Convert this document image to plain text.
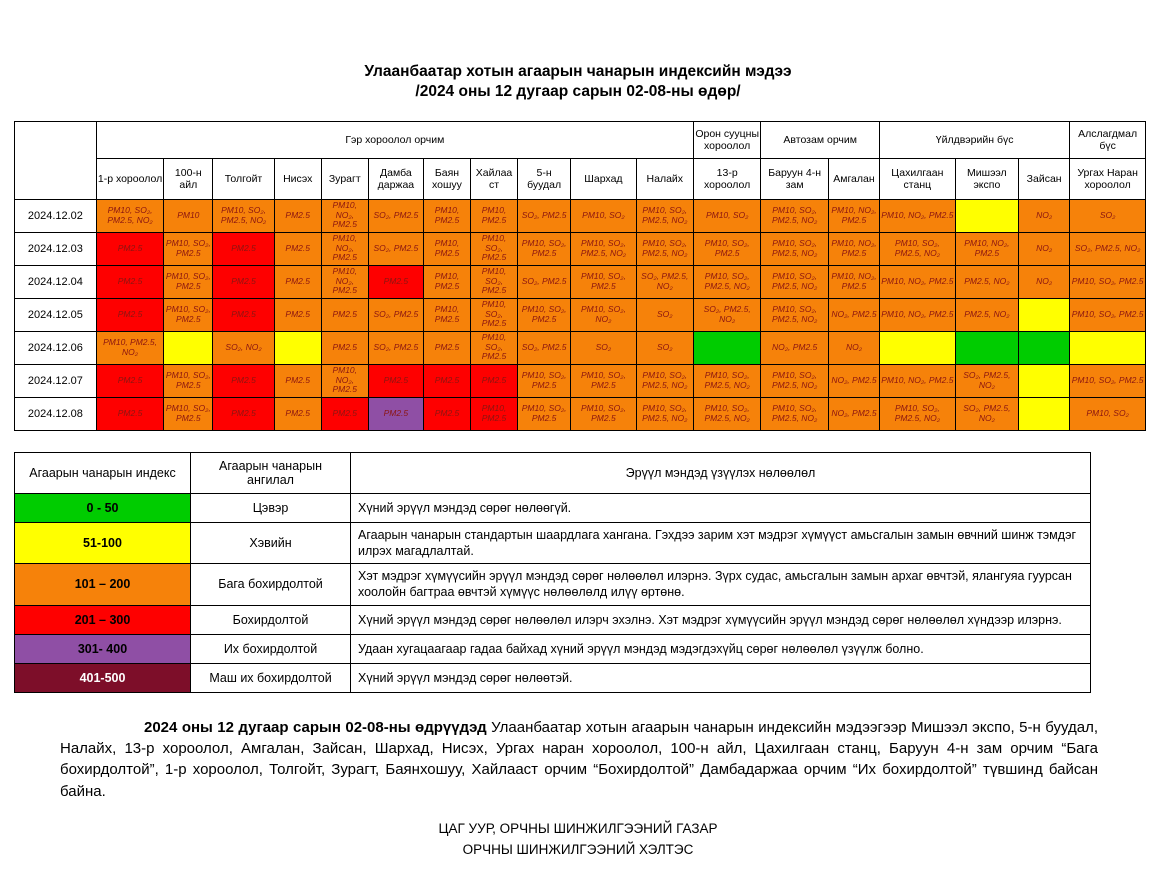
Улаанбаатар хотын агаарын чанарын индексийн мэдээ
/2024 оны 12 дугаар сарын 02-08-ны өдөр/
	Гэр хороолол орчим											Орон сууцны хороолол	Автозам орчим		Үйлдвэрийн бүс			Алслагдмал бүс
	1-р хороолол	100-н айл	Толгойт	Нисэх	Зурагт	Дамба даржаа	Баян хошуу	Хайлаа ст	5-н буудал	Шархад	Налайх	13-р хороолол	Баруун 4-н зам	Амгалан	Цахилгаан станц	Мишээл экспо	Зайсан	Ургах Наран хороолол
2024.12.02	PM10, SO₂, PM2.5, NO₂	PM10	PM10, SO₂, PM2.5, NO₂	PM2.5	PM10, NO₂, PM2.5	SO₂, PM2.5	PM10, PM2.5	PM10, PM2.5	SO₂, PM2.5	PM10, SO₂	PM10, SO₂, PM2.5, NO₂	PM10, SO₂	PM10, SO₂, PM2.5, NO₂	PM10, NO₂, PM2.5	PM10, NO₂, PM2.5		NO₂	SO₂
2024.12.03	PM2.5	PM10, SO₂, PM2.5	PM2.5	PM2.5	PM10, NO₂, PM2.5	SO₂, PM2.5	PM10, PM2.5	PM10, SO₂, PM2.5	PM10, SO₂, PM2.5	PM10, SO₂, PM2.5, NO₂	PM10, SO₂, PM2.5, NO₂	PM10, SO₂, PM2.5	PM10, SO₂, PM2.5, NO₂	PM10, NO₂, PM2.5	PM10, SO₂, PM2.5, NO₂	PM10, NO₂, PM2.5	NO₂	SO₂, PM2.5, NO₂
2024.12.04	PM2.5	PM10, SO₂, PM2.5	PM2.5	PM2.5	PM10, NO₂, PM2.5	PM2.5	PM10, PM2.5	PM10, SO₂, PM2.5	SO₂, PM2.5	PM10, SO₂, PM2.5	SO₂, PM2.5, NO₂	PM10, SO₂, PM2.5, NO₂	PM10, SO₂, PM2.5, NO₂	PM10, NO₂, PM2.5	PM10, NO₂, PM2.5	PM2.5, NO₂	NO₂	PM10, SO₂, PM2.5
2024.12.05	PM2.5	PM10, SO₂, PM2.5	PM2.5	PM2.5	PM2.5	SO₂, PM2.5	PM10, PM2.5	PM10, SO₂, PM2.5	PM10, SO₂, PM2.5	PM10, SO₂, NO₂	SO₂	SO₂, PM2.5, NO₂	PM10, SO₂, PM2.5, NO₂	NO₂, PM2.5	PM10, NO₂, PM2.5	PM2.5, NO₂		PM10, SO₂, PM2.5
2024.12.06	PM10, PM2.5, NO₂		SO₂, NO₂		PM2.5	SO₂, PM2.5	PM2.5	PM10, SO₂, PM2.5	SO₂, PM2.5	SO₂	SO₂		NO₂, PM2.5	NO₂				
2024.12.07	PM2.5	PM10, SO₂, PM2.5	PM2.5	PM2.5	PM10, NO₂, PM2.5	PM2.5	PM2.5	PM2.5	PM10, SO₂, PM2.5	PM10, SO₂, PM2.5	PM10, SO₂, PM2.5, NO₂	PM10, SO₂, PM2.5, NO₂	PM10, SO₂, PM2.5, NO₂	NO₂, PM2.5	PM10, NO₂, PM2.5	SO₂, PM2.5, NO₂		PM10, SO₂, PM2.5
2024.12.08	PM2.5	PM10, SO₂, PM2.5	PM2.5	PM2.5	PM2.5	PM2.5	PM2.5	PM10, PM2.5	PM10, SO₂, PM2.5	PM10, SO₂, PM2.5	PM10, SO₂, PM2.5, NO₂	PM10, SO₂, PM2.5, NO₂	PM10, SO₂, PM2.5, NO₂	NO₂, PM2.5	PM10, SO₂, PM2.5, NO₂	SO₂, PM2.5, NO₂		PM10, SO₂
Агаарын чанарын индекс	Агаарын чанарын ангилал	Эрүүл мэндэд үзүүлэх нөлөөлөл
0 - 50	Цэвэр	Хүний эрүүл мэндэд сөрөг нөлөөгүй.
51-100	Хэвийн	Агаарын чанарын стандартын шаардлага хангана. Гэхдээ зарим хэт мэдрэг хүмүүст амьсгалын замын өвчний шинж тэмдэг илрэх магадлалтай.
101 – 200	Бага бохирдолтой	Хэт мэдрэг хүмүүсийн эрүүл мэндэд сөрөг нөлөөлөл илэрнэ. Зүрх судас, амьсгалын замын архаг өвчтэй, ялангуяа гуурсан хоолойн багтраа өвчтэй хүмүүс нөлөөлөлд илүү өртөнө.
201 – 300	Бохирдолтой	Хүний эрүүл мэндэд сөрөг нөлөөлөл илэрч эхэлнэ. Хэт мэдрэг хүмүүсийн эрүүл мэндэд сөрөг нөлөөлөл хүндээр илэрнэ.
301- 400	Их бохирдолтой	Удаан хугацаагаар гадаа байхад хүний эрүүл мэндэд мэдэгдэхүйц сөрөг нөлөөлөл үзүүлж болно.
401-500	Маш их бохирдолтой	Хүний эрүүл мэндэд сөрөг нөлөөтэй.

2024 оны 12 дугаар сарын 02-08-ны өдрүүдэд Улаанбаатар хотын агаарын чанарын индексийн мэдээгээр Мишээл экспо, 5-н буудал, Налайх, 13-р хороолол, Амгалан, Зайсан, Шархад, Нисэх, Ургах наран хороолол, 100-н айл, Цахилгаан станц, Баруун 4-н зам орчим “Бага бохирдолтой”, 1-р хороолол, Толгойт, Зурагт, Баянхошуу, Хайлааст орчим “Бохирдолтой” Дамбадаржаа орчим “Их бохирдолтой” түвшинд байсан байна.

ЦАГ УУР, ОРЧНЫ ШИНЖИЛГЭЭНИЙ ГАЗАР
ОРЧНЫ ШИНЖИЛГЭЭНИЙ ХЭЛТЭС
